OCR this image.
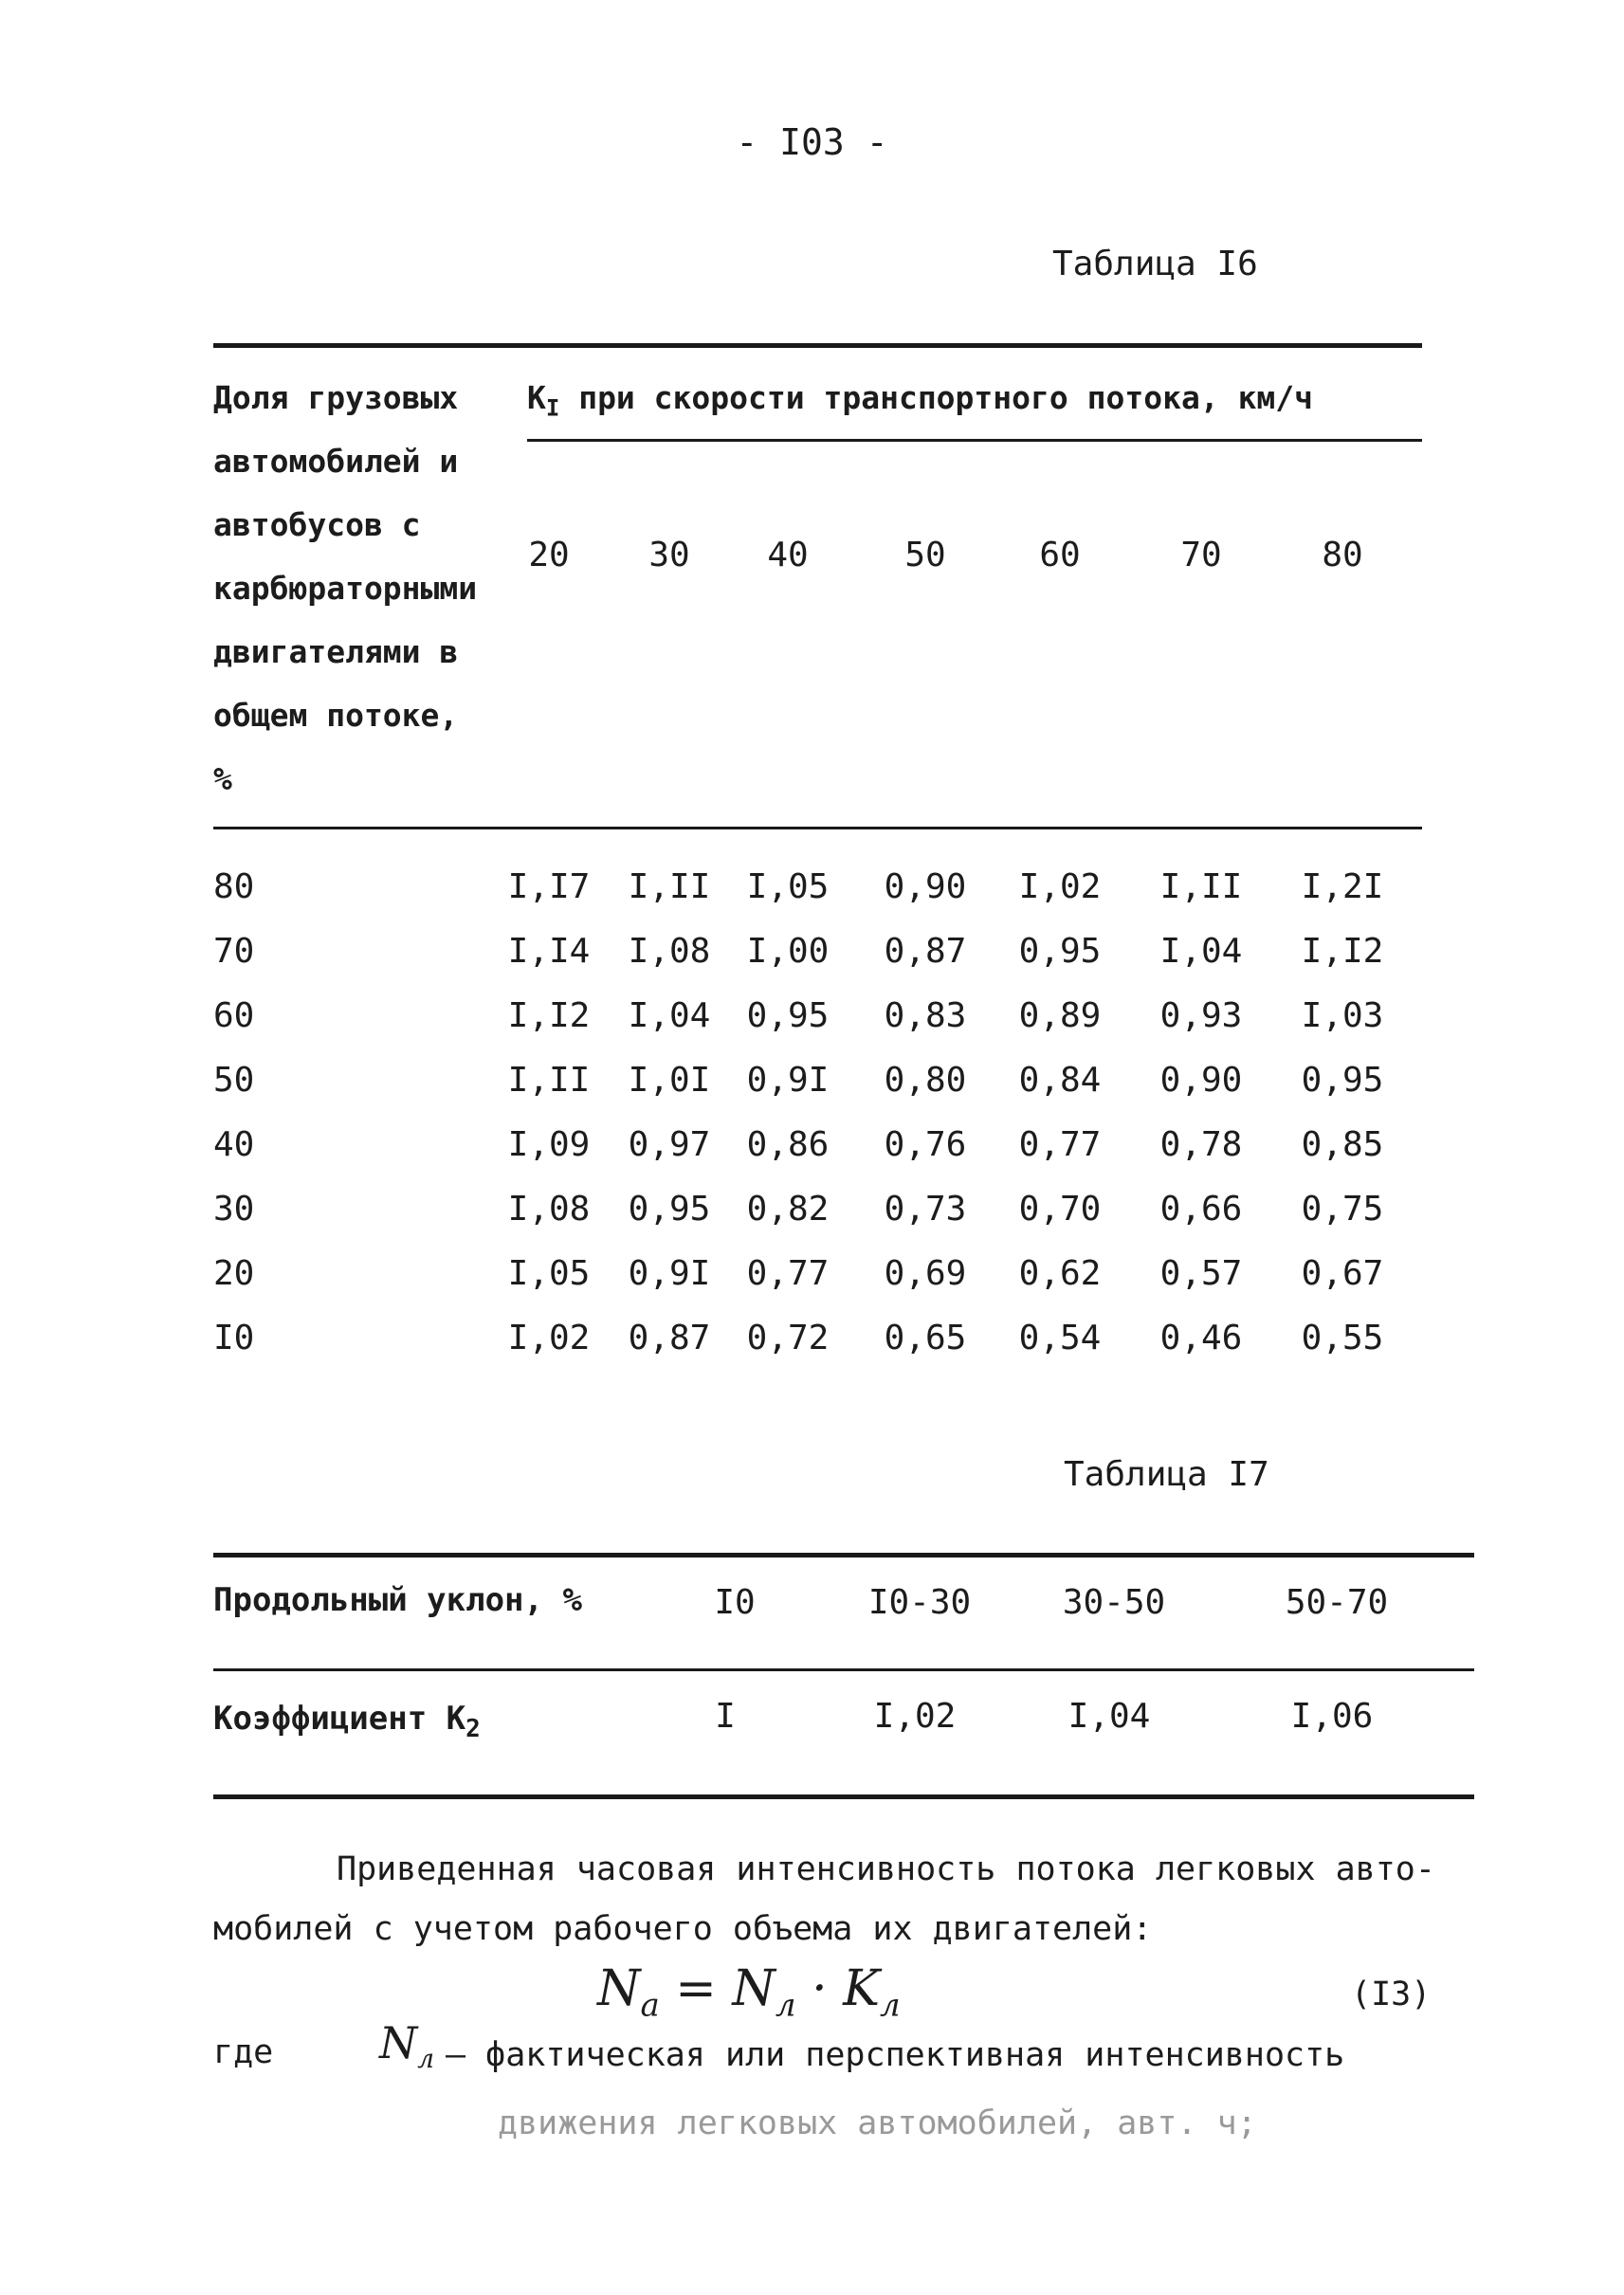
- I03 -
Таблица I6
Доля грузовых
автомобилей и
автобусов с
карбюраторными
двигателями в
общем потоке,
%
$К_I$ при скорости транспортного потока, км/ч
20	30	40	50	60	70	80
80	I,I7	I,II	I,05	0,90	I,02	I,II	I,2I
70	I,I4	I,08	I,00	0,87	0,95	I,04	I,I2
60	I,I2	I,04	0,95	0,83	0,89	0,93	I,03
50	I,II	I,0I	0,9I	0,80	0,84	0,90	0,95
40	I,09	0,97	0,86	0,76	0,77	0,78	0,85
30	I,08	0,95	0,82	0,73	0,70	0,66	0,75
20	I,05	0,9I	0,77	0,69	0,62	0,57	0,67
I0	I,02	0,87	0,72	0,65	0,54	0,46	0,55
Таблица I7
Продольный уклон, %	I0	I0-30	30-50	50-70
Коэффициент $К_2$	I	I,02	I,04	I,06
Приведенная часовая интенсивность потока легковых авто-
мобилей с учетом рабочего объема их двигателей:
$N_a = N_л \cdot K_л$	(I3)
где $N_л$ – фактическая или перспективная интенсивность
движения легковых автомобилей, авт. ч;
